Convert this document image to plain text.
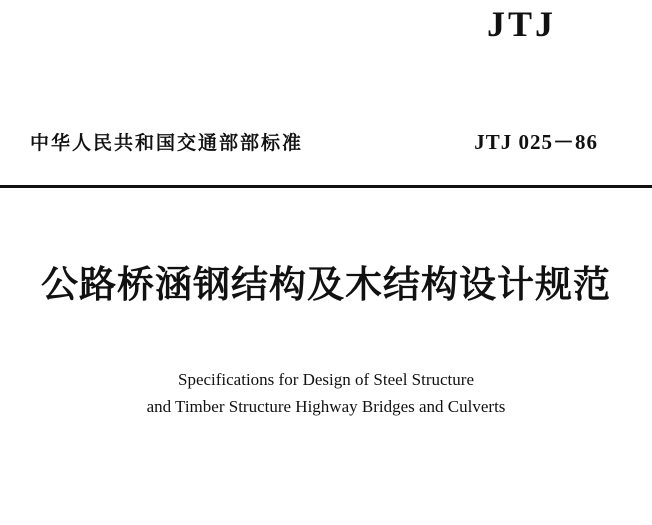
JTJ
中华人民共和国交通部部标准	JTJ 025－86
公路桥涵钢结构及木结构设计规范
Specifications for Design of Steel Structure
and Timber Structure Highway Bridges and Culverts
